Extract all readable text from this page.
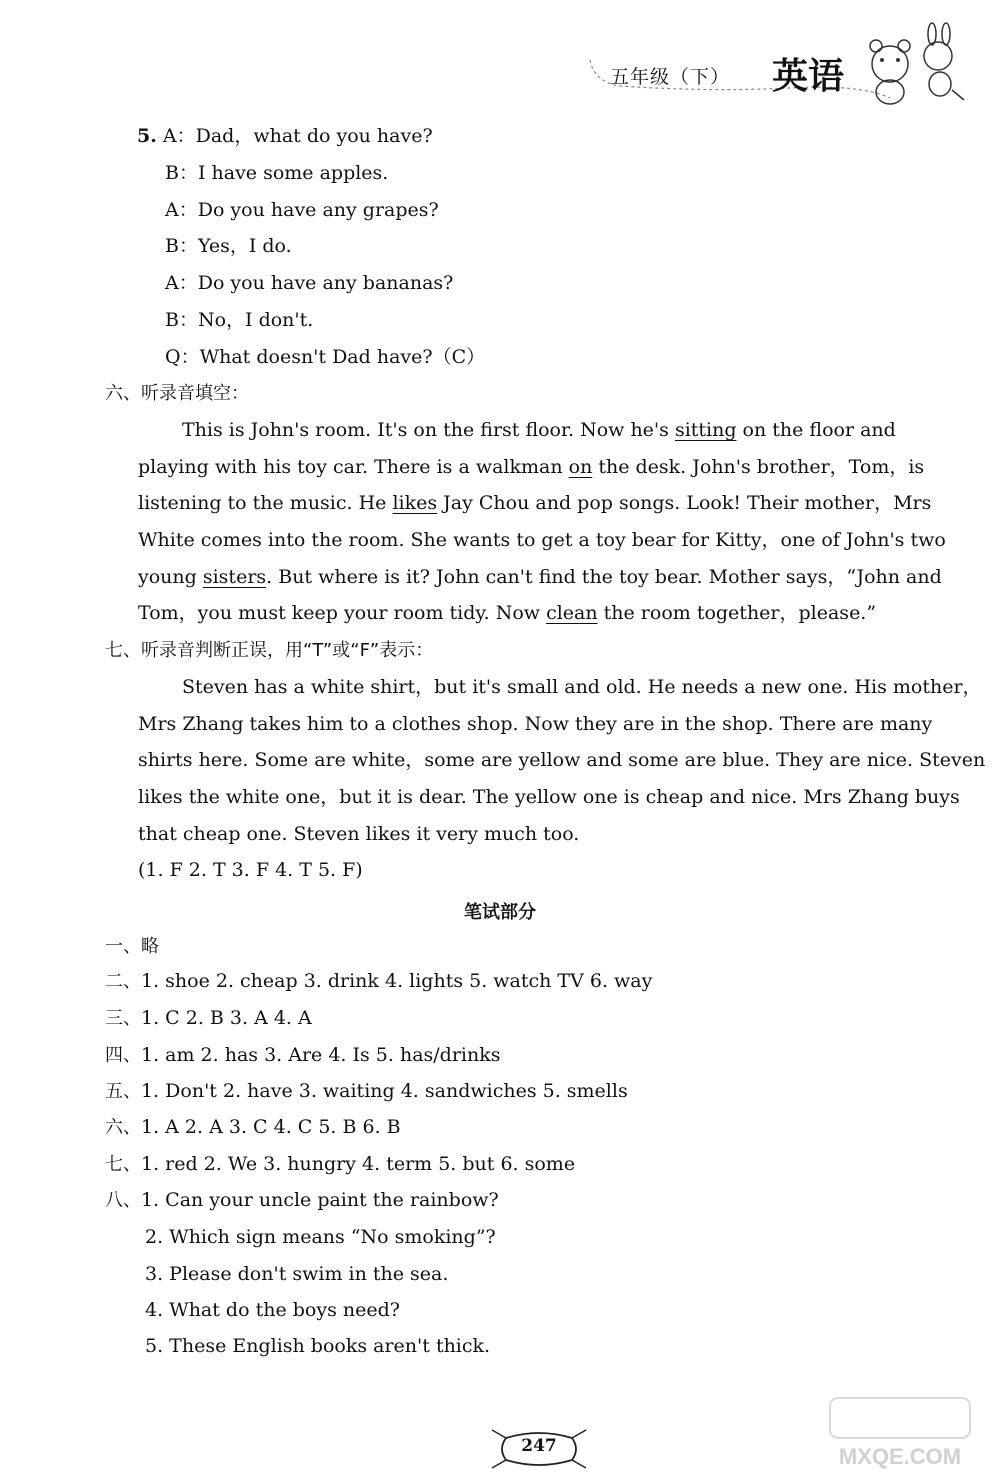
五年级（下） 英语
5. A：Dad，what do you have?
B：I have some apples.
A：Do you have any grapes?
B：Yes，I do.
A：Do you have any bananas?
B：No，I don't.
Q：What doesn't Dad have?（C）
六、听录音填空：
This is John's room. It's on the first floor. Now he's sitting on the floor and
playing with his toy car. There is a walkman on the desk. John's brother，Tom，is
listening to the music. He likes Jay Chou and pop songs. Look! Their mother，Mrs
White comes into the room. She wants to get a toy bear for Kitty，one of John's two
young sisters. But where is it? John can't find the toy bear. Mother says，“John and
Tom，you must keep your room tidy. Now clean the room together，please.”
七、听录音判断正误，用“T”或“F”表示：
Steven has a white shirt，but it's small and old. He needs a new one. His mother，
Mrs Zhang takes him to a clothes shop. Now they are in the shop. There are many
shirts here. Some are white，some are yellow and some are blue. They are nice. Steven
likes the white one，but it is dear. The yellow one is cheap and nice. Mrs Zhang buys
that cheap one. Steven likes it very much too.
(1. F 2. T 3. F 4. T 5. F)
笔试部分
一、略
二、1. shoe 2. cheap 3. drink 4. lights 5. watch TV 6. way
三、1. C 2. B 3. A 4. A
四、1. am 2. has 3. Are 4. Is 5. has/drinks
五、1. Don't 2. have 3. waiting 4. sandwiches 5. smells
六、1. A 2. A 3. C 4. C 5. B 6. B
七、1. red 2. We 3. hungry 4. term 5. but 6. some
八、1. Can your uncle paint the rainbow?
2. Which sign means “No smoking”?
3. Please don't swim in the sea.
4. What do the boys need?
5. These English books aren't thick.
247	MXQE.COM
